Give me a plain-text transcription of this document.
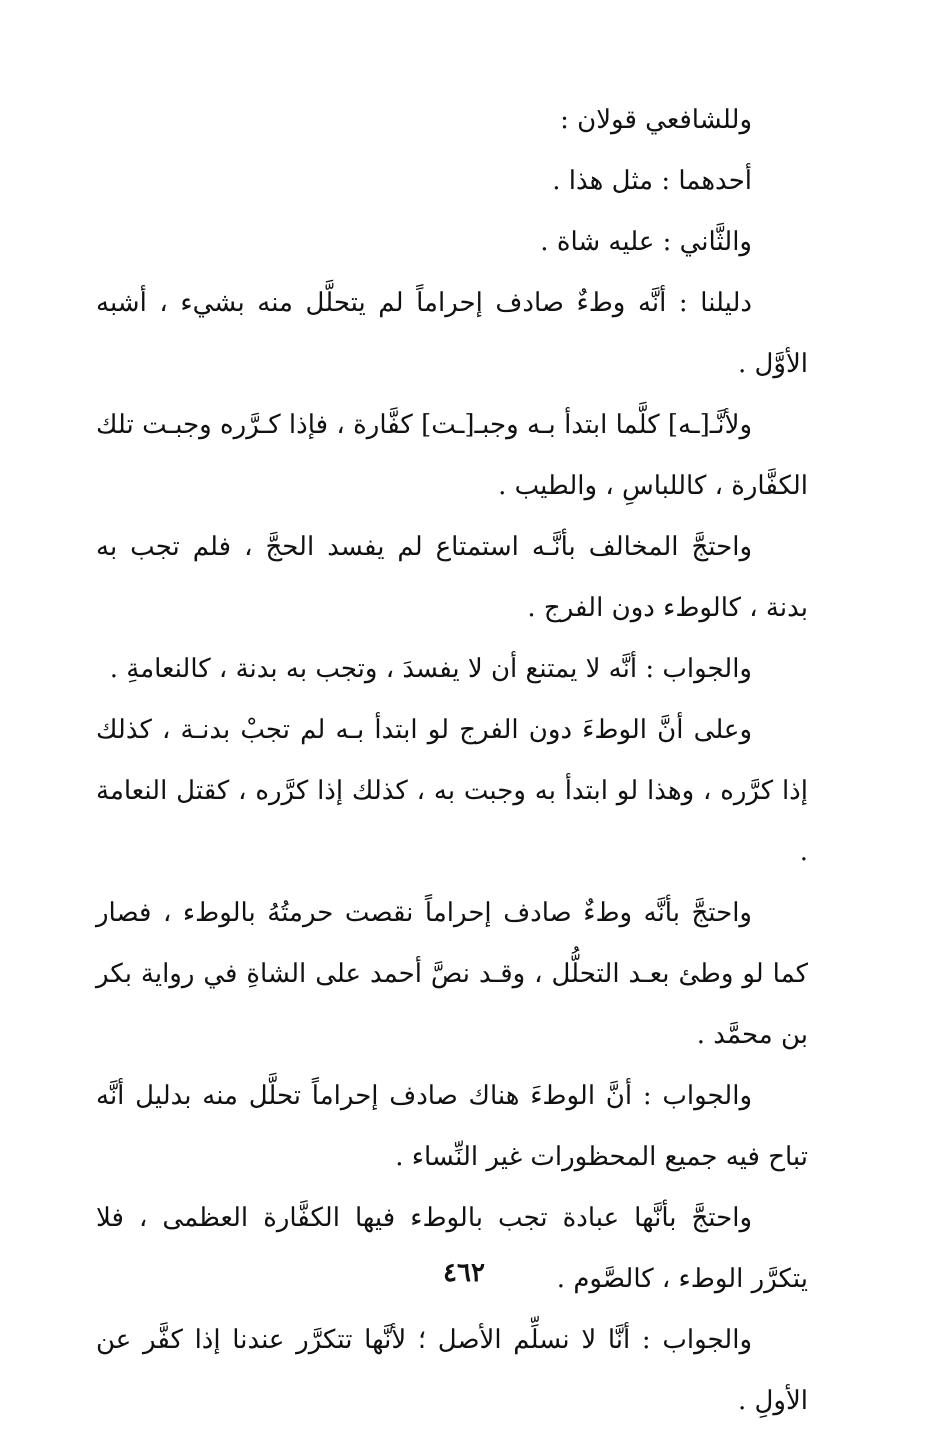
وللشافعي قولان :

أحدهما : مثل هذا .

والثَّاني : عليه شاة .

دليلنا : أنَّه وطءٌ صادف إحراماً لم يتحلَّل منه بشيء ، أشبه الأوَّل .

ولأنَّـ[ـه] كلَّما ابتدأ بـه وجبـ[ـت] كفَّارة ، فإذا كـرَّره وجبـت تلك الكفَّارة ، كاللباسِ ، والطيب .

واحتجَّ المخالف بأنَّـه استمتاع لم يفسد الحجَّ ، فلم تجب به بدنة ، كالوطء دون الفرج .

والجواب : أنَّه لا يمتنع أن لا يفسدَ ، وتجب به بدنة ، كالنعامةِ .

وعلى أنَّ الوطءَ دون الفرج لو ابتدأ بـه لم تجبْ بدنـة ، كذلك إذا كرَّره ، وهذا لو ابتدأ به وجبت به ، كذلك إذا كرَّره ، كقتل النعامة .

واحتجَّ بأنَّه وطءٌ صادف إحراماً نقصت حرمتُهُ بالوطء ، فصار كما لو وطئ بعـد التحلُّل ، وقـد نصَّ أحمد على الشاةِ في رواية بكر بن محمَّد .

والجواب : أنَّ الوطءَ هناك صادف إحراماً تحلَّل منه بدليل أنَّه تباح فيه جميع المحظورات غير النِّساء .

واحتجَّ بأنَّها عبادة تجب بالوطء فيها الكفَّارة العظمى ، فلا يتكرَّر الوطء ، كالصَّوم .

والجواب : أنَّا لا نسلِّم الأصل ؛ لأنَّها تتكرَّر عندنا إذا كفَّر عن الأولِ .

٤٦٢
